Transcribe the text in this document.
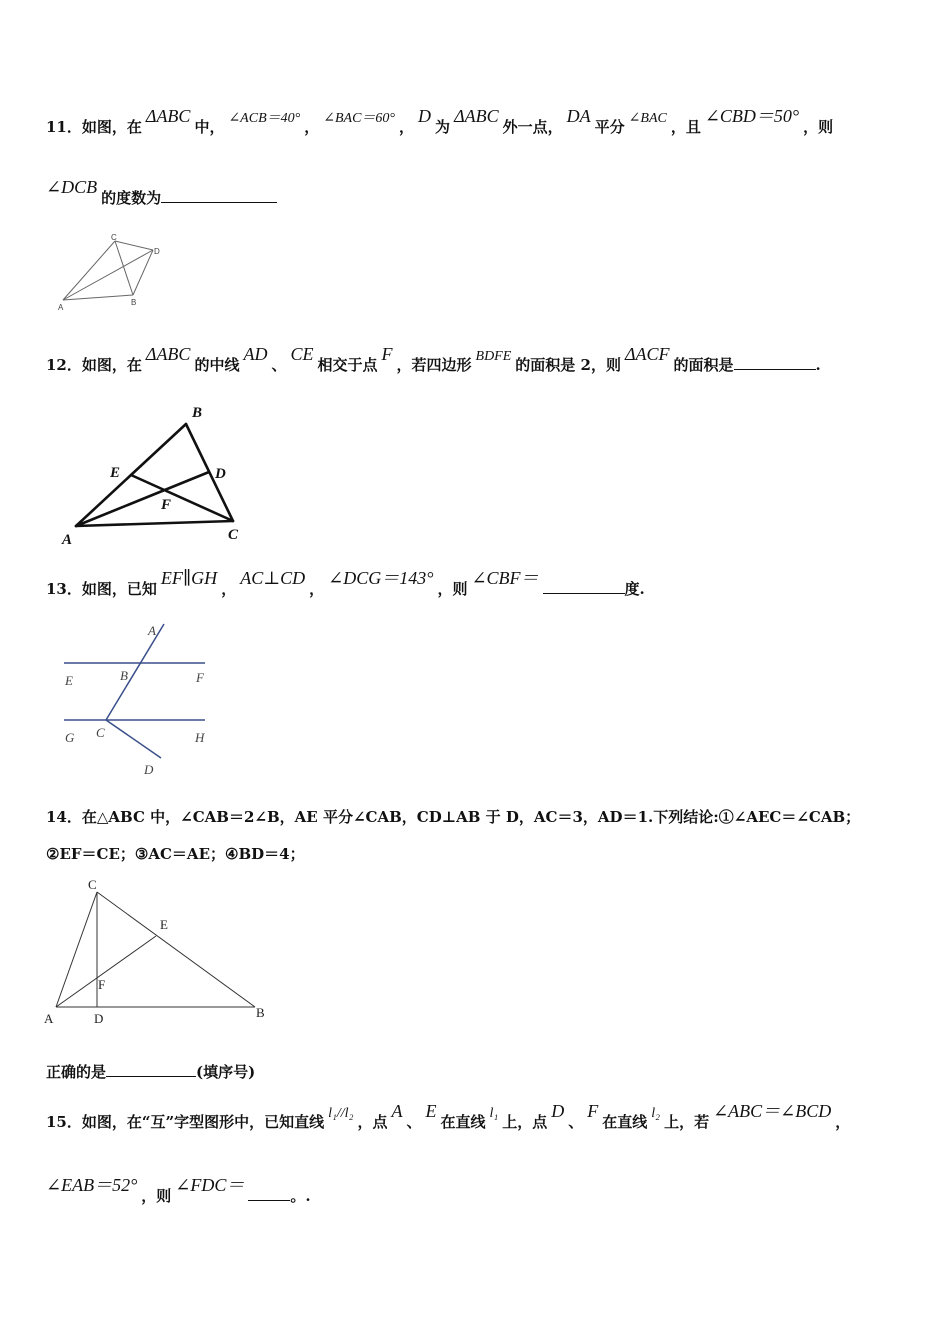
11．如图，在ΔABC中， ∠ACB＝40° ， ∠BAC＝60° ，D为ΔABC外一点，DA平分 ∠BAC ，且∠CBD＝50°，则
∠DCB的度数为
C
D
A
B
12．如图，在ΔABC的中线AD、CE相交于点F，若四边形 BDFE 的面积是 2，则ΔACF的面积是	.
B
E	D
F
A	C
13．如图，已知EF∥GH，AC⊥CD，∠DCG＝143°，则∠CBF＝度.
A
B
E	F
G C	H
D
14．在△ABC 中，∠CAB＝2∠B，AE 平分∠CAB，CD⊥AB 于 D，AC＝3，AD＝1.下列结论:①∠AEC＝∠CAB；
②EF＝CE；③AC＝AE；④BD＝4；
C
E
F
A	D	B
正确的是	(填序号)
15．如图，在“互”字型图形中，已知直线 l₁//l₂ ，点A、E在直线 l₁ 上，点D、F在直线 l₂ 上，若∠ABC＝∠BCD，
∠EAB＝52°，则∠FDC＝。.
